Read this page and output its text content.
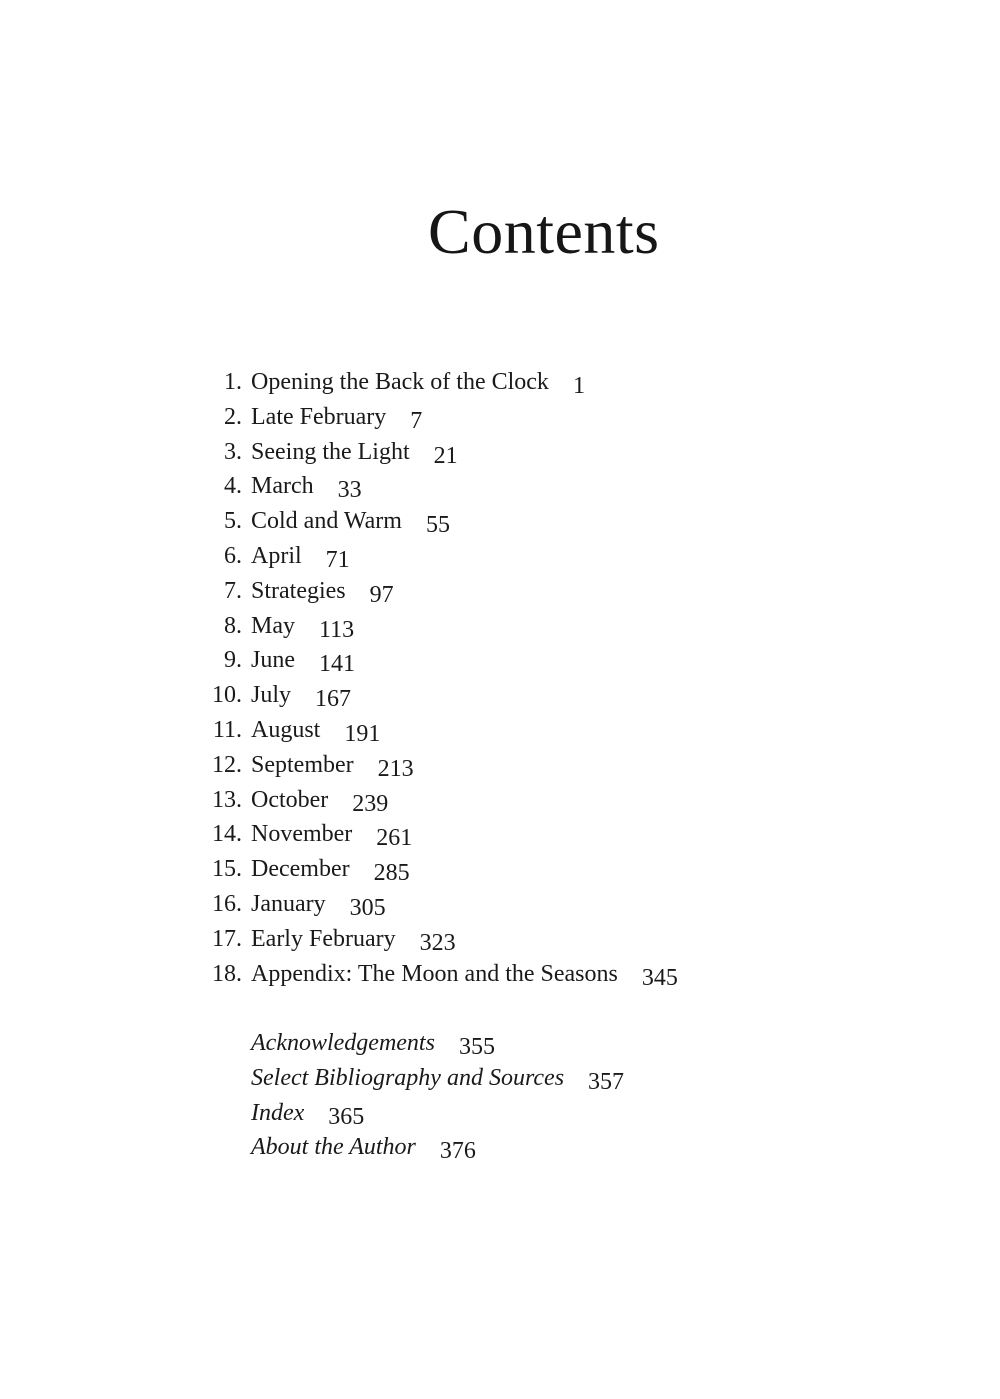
Contents
1. Opening the Back of the Clock 1
2. Late February 7
3. Seeing the Light 21
4. March 33
5. Cold and Warm 55
6. April 71
7. Strategies 97
8. May 113
9. June 141
10. July 167
11. August 191
12. September 213
13. October 239
14. November 261
15. December 285
16. January 305
17. Early February 323
18. Appendix: The Moon and the Seasons 345
Acknowledgements 355
Select Bibliography and Sources 357
Index 365
About the Author 376
